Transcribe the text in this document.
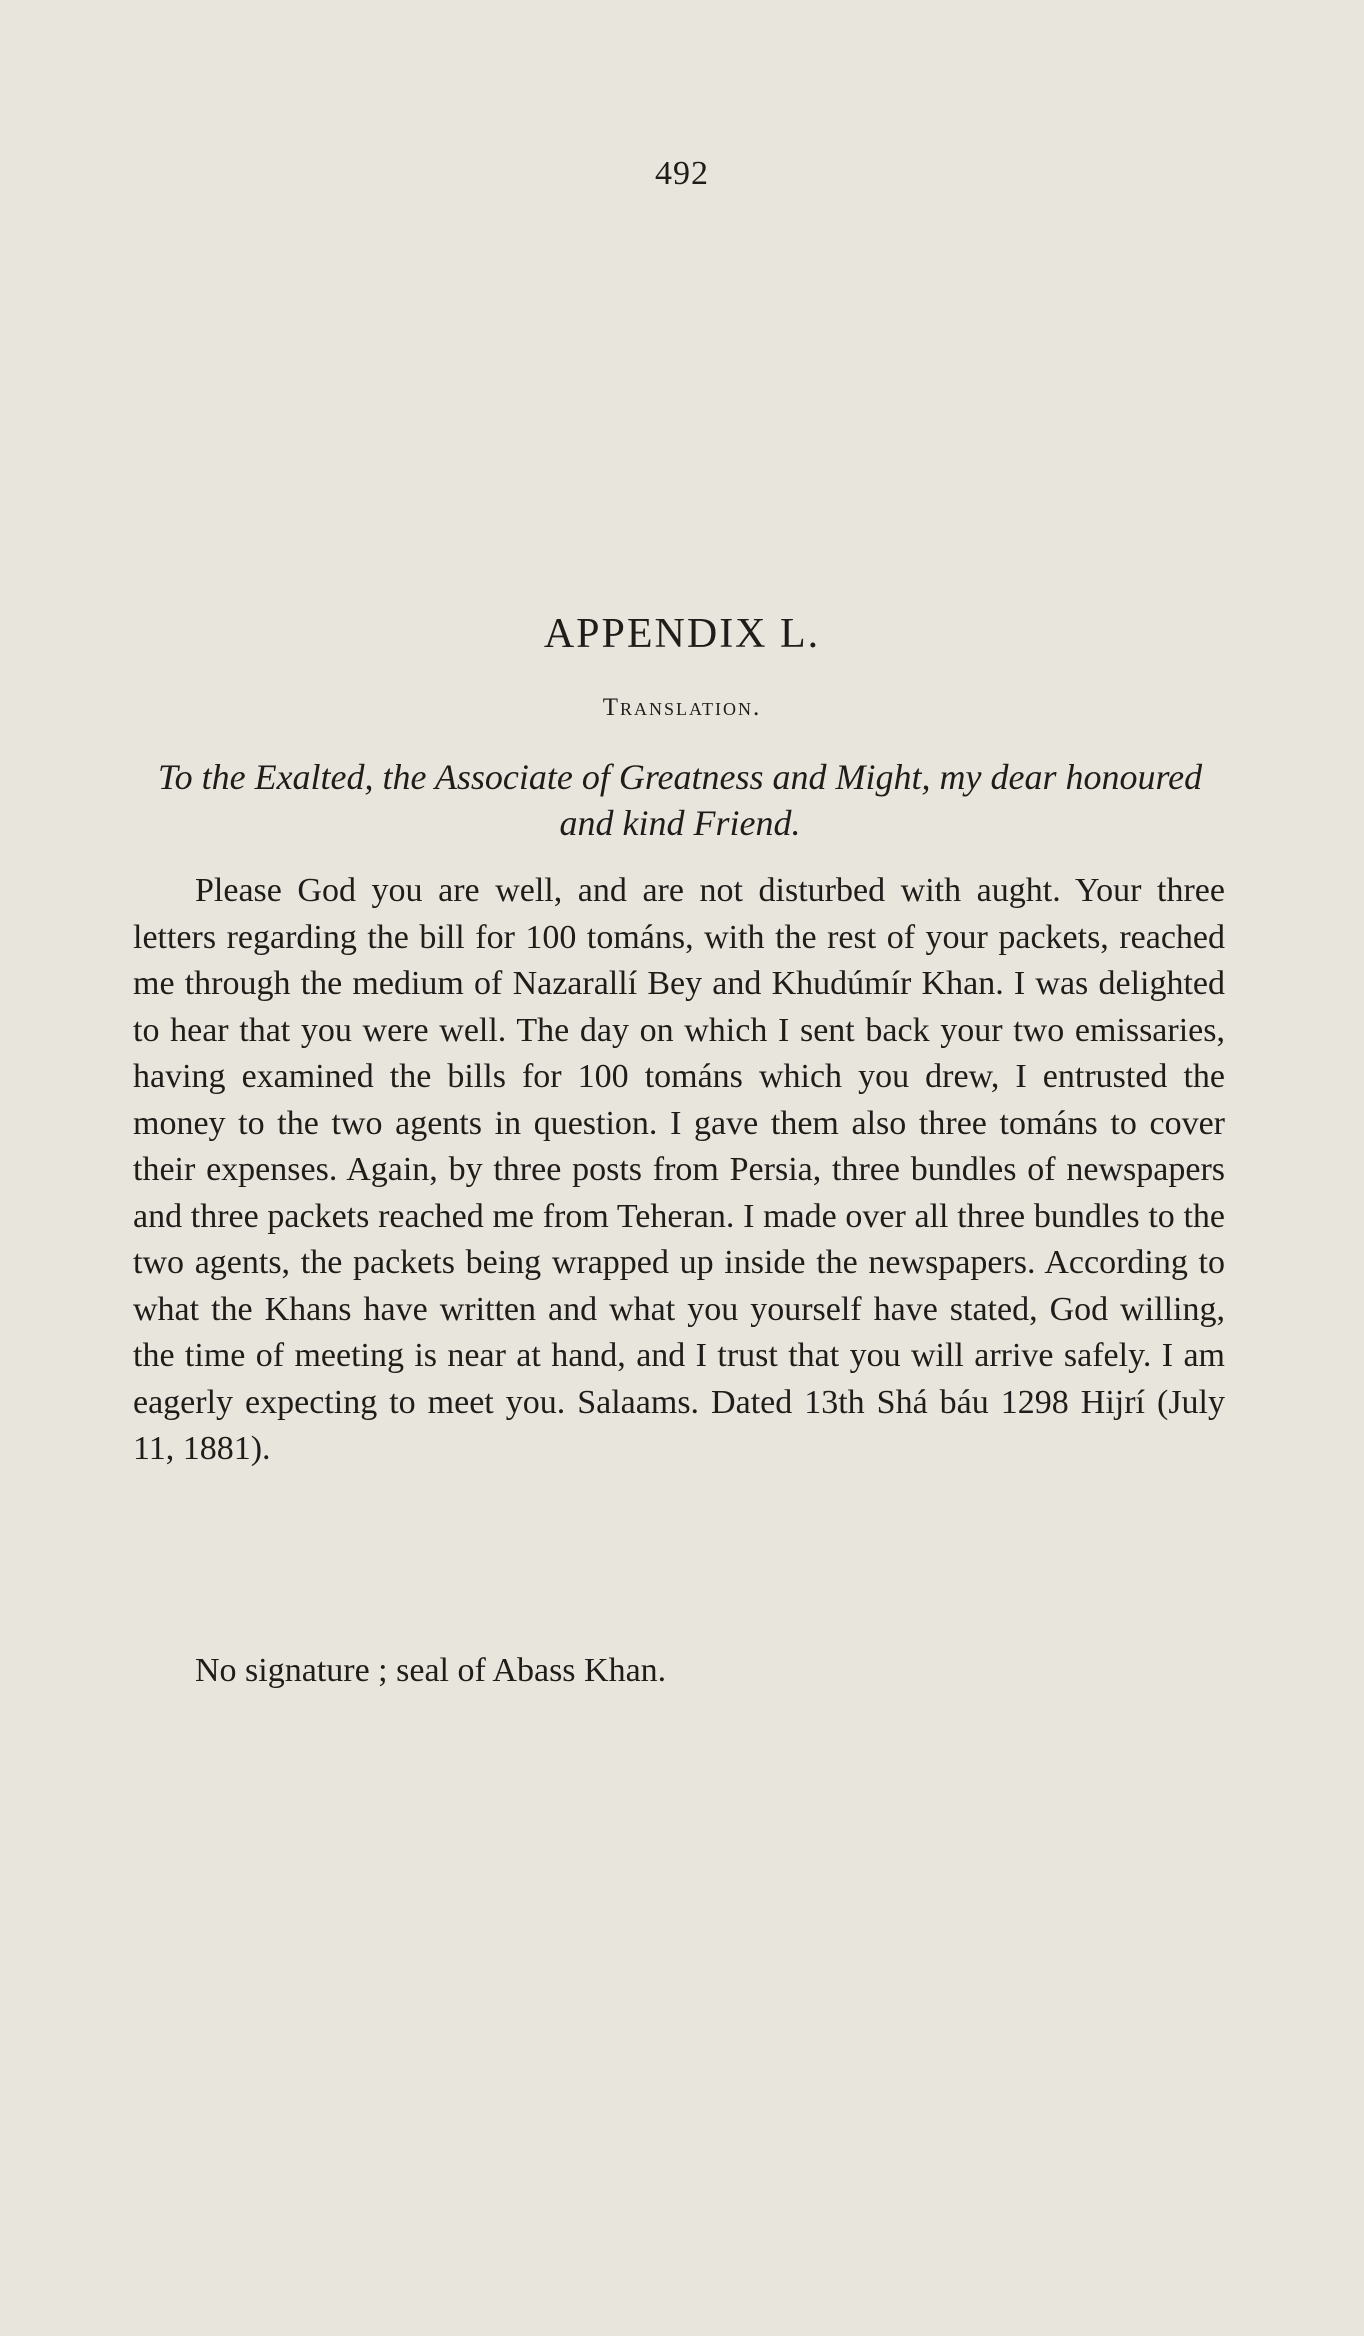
492
APPENDIX L.
Translation.
To the Exalted, the Associate of Greatness and Might, my dear honoured and kind Friend.

Please God you are well, and are not disturbed with aught. Your three letters regarding the bill for 100 tománs, with the rest of your packets, reached me through the medium of Nazarallí Bey and Khudúmír Khan. I was delighted to hear that you were well. The day on which I sent back your two emissaries, having examined the bills for 100 tománs which you drew, I entrusted the money to the two agents in question. I gave them also three tománs to cover their expenses. Again, by three posts from Persia, three bundles of newspapers and three packets reached me from Teheran. I made over all three bundles to the two agents, the packets being wrapped up inside the newspapers. According to what the Khans have written and what you yourself have stated, God willing, the time of meeting is near at hand, and I trust that you will arrive safely. I am eagerly expecting to meet you. Salaams. Dated 13th Shá báu 1298 Hijrí (July 11, 1881).

No signature ; seal of Abass Khan.
